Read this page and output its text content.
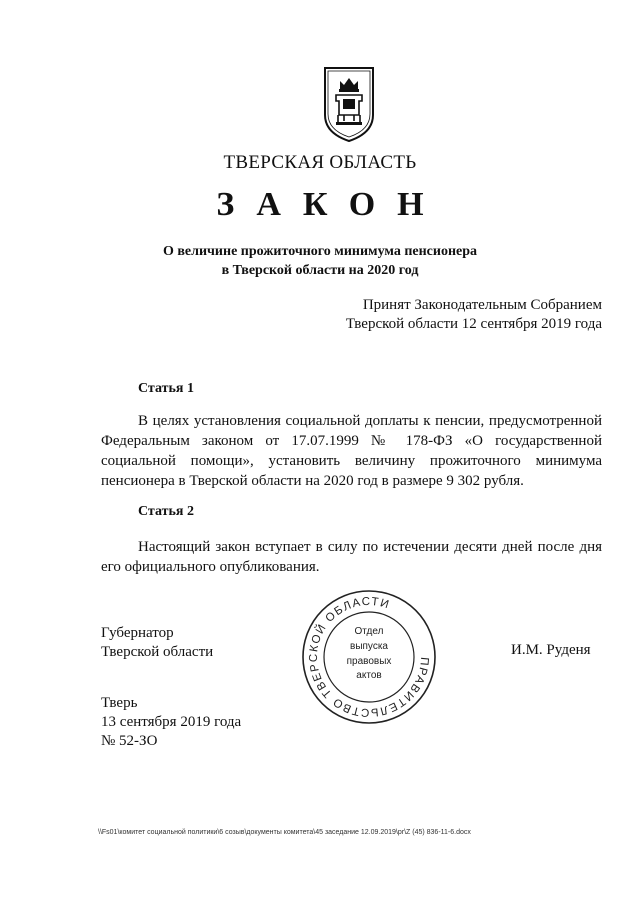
ТВЕРСКАЯ ОБЛАСТЬ
ЗАКОН
О величине прожиточного минимума пенсионера
в Тверской области на 2020 год
Принят Законодательным Собранием
Тверской области 12 сентября 2019 года
Статья 1
В целях установления социальной доплаты к пенсии, предусмотренной Федеральным законом от 17.07.1999 № 178-ФЗ «О государственной социальной помощи», установить величину прожиточного минимума пенсионера в Тверской области на 2020 год в размере 9 302 рубля.
Статья 2
Настоящий закон вступает в силу по истечении десяти дней после дня его официального опубликования.
Губернатор
Тверской области	И.М. Руденя
ПРАВИТЕЛЬСТВО ТВЕРСКОЙ ОБЛАСТИ
Отдел
выпуска
правовых
актов
Тверь
13 сентября 2019 года
№ 52-ЗО
\\Fs01\комитет социальной политики\6 созыв\документы комитета\45 заседание 12.09.2019\pr\Z (45) 836-11-6.docx
